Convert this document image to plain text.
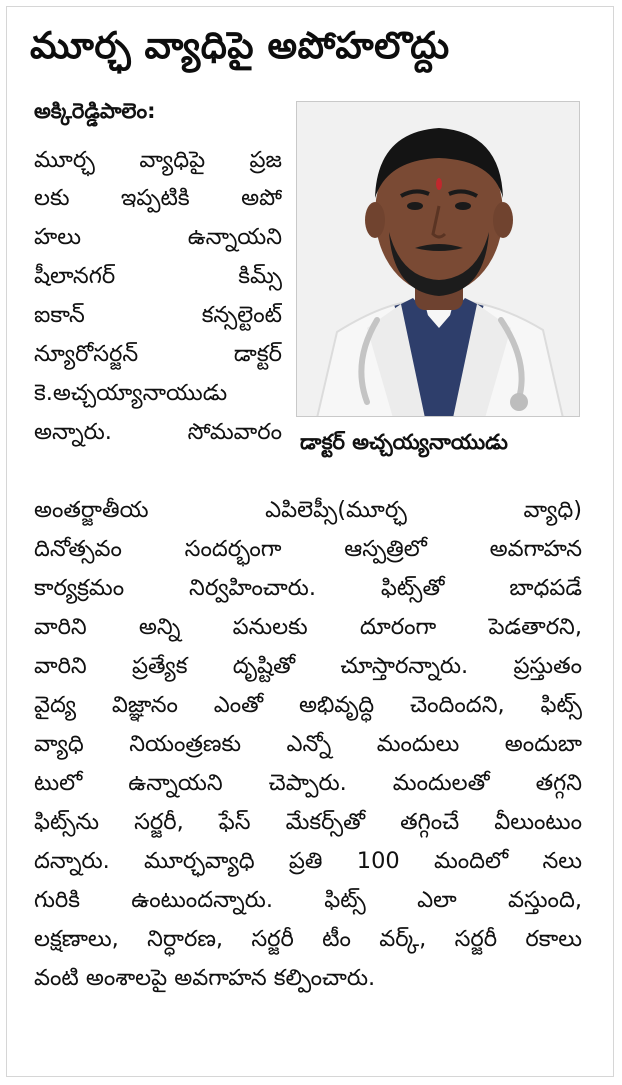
మూర్ఛ వ్యాధిపై అపోహలొద్దు
అక్కిరెడ్డిపాలెం:
మూర్ఛ వ్యాధిపై ప్రజ
లకు ఇప్పటికి అపో
హలు ఉన్నాయని
షీలానగర్ కిమ్స్
ఐకాన్ కన్సల్టెంట్
న్యూరోసర్జన్ డాక్టర్
కె.అచ్చయ్యానాయుడు
అన్నారు. సోమవారం డాక్టర్ అచ్చయ్యనాయుడు
అంతర్జాతీయ ఎపిలెప్సీ(మూర్ఛ వ్యాధి)
దినోత్సవం సందర్భంగా ఆస్పత్రిలో అవగాహన
కార్యక్రమం నిర్వహించారు. ఫిట్స్‌తో బాధపడే
వారిని అన్ని పనులకు దూరంగా పెడతారని,
వారిని ప్రత్యేక దృష్టితో చూస్తారన్నారు. ప్రస్తుతం
వైద్య విజ్ఞానం ఎంతో అభివృద్ధి చెందిందని, ఫిట్స్
వ్యాధి నియంత్రణకు ఎన్నో మందులు అందుబా
టులో ఉన్నాయని చెప్పారు. మందులతో తగ్గని
ఫిట్స్‌ను సర్జరీ, ఫేస్ మేకర్స్‌తో తగ్గించే వీలుంటుం
దన్నారు. మూర్ఛవ్యాధి ప్రతి 100 మందిలో నలు
గురికి ఉంటుందన్నారు. ఫిట్స్ ఎలా వస్తుంది,
లక్షణాలు, నిర్ధారణ, సర్జరీ టీం వర్క్, సర్జరీ రకాలు
వంటి అంశాలపై అవగాహన కల్పించారు.
